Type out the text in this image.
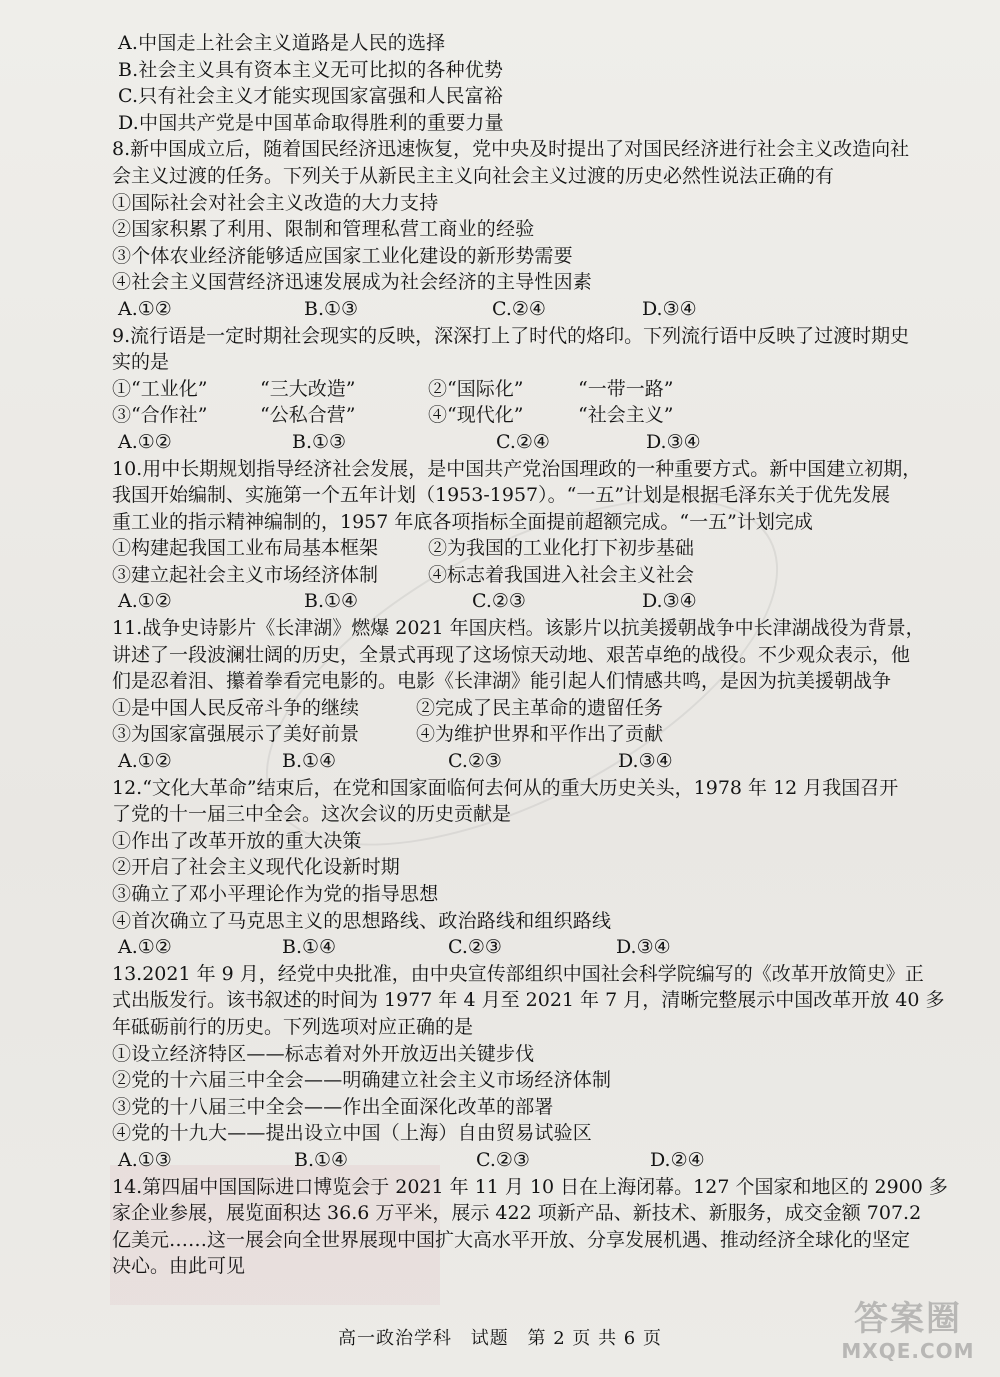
A.中国走上社会主义道路是人民的选择
B.社会主义具有资本主义无可比拟的各种优势
C.只有社会主义才能实现国家富强和人民富裕
D.中国共产党是中国革命取得胜利的重要力量
8.新中国成立后，随着国民经济迅速恢复，党中央及时提出了对国民经济进行社会主义改造向社
会主义过渡的任务。下列关于从新民主主义向社会主义过渡的历史必然性说法正确的有
①国际社会对社会主义改造的大力支持
②国家积累了利用、限制和管理私营工商业的经验
③个体农业经济能够适应国家工业化建设的新形势需要
④社会主义国营经济迅速发展成为社会经济的主导性因素
A.①②	B.①③	C.②④	D.③④
9.流行语是一定时期社会现实的反映，深深打上了时代的烙印。下列流行语中反映了过渡时期史
实的是
①“工业化”	“三大改造”	②“国际化”	“一带一路”
③“合作社”	“公私合营”	④“现代化”	“社会主义”
A.①②	B.①③	C.②④	D.③④
10.用中长期规划指导经济社会发展，是中国共产党治国理政的一种重要方式。新中国建立初期，
我国开始编制、实施第一个五年计划（1953-1957）。“一五”计划是根据毛泽东关于优先发展
重工业的指示精神编制的，1957 年底各项指标全面提前超额完成。“一五”计划完成
①构建起我国工业布局基本框架	②为我国的工业化打下初步基础
③建立起社会主义市场经济体制	④标志着我国进入社会主义社会
A.①②	B.①④	C.②③	D.③④
11.战争史诗影片《长津湖》燃爆 2021 年国庆档。该影片以抗美援朝战争中长津湖战役为背景，
讲述了一段波澜壮阔的历史，全景式再现了这场惊天动地、艰苦卓绝的战役。不少观众表示，他
们是忍着泪、攥着拳看完电影的。电影《长津湖》能引起人们情感共鸣，是因为抗美援朝战争
①是中国人民反帝斗争的继续	②完成了民主革命的遗留任务
③为国家富强展示了美好前景	④为维护世界和平作出了贡献
A.①②	B.①④	C.②③	D.③④
12.“文化大革命”结束后，在党和国家面临何去何从的重大历史关头，1978 年 12 月我国召开
了党的十一届三中全会。这次会议的历史贡献是
①作出了改革开放的重大决策
②开启了社会主义现代化设新时期
③确立了邓小平理论作为党的指导思想
④首次确立了马克思主义的思想路线、政治路线和组织路线
A.①②	B.①④	C.②③	D.③④
13.2021 年 9 月，经党中央批准，由中央宣传部组织中国社会科学院编写的《改革开放简史》正
式出版发行。该书叙述的时间为 1977 年 4 月至 2021 年 7 月，清晰完整展示中国改革开放 40 多
年砥砺前行的历史。下列选项对应正确的是
①设立经济特区——标志着对外开放迈出关键步伐
②党的十六届三中全会——明确建立社会主义市场经济体制
③党的十八届三中全会——作出全面深化改革的部署
④党的十九大——提出设立中国（上海）自由贸易试验区
A.①③	B.①④	C.②③	D.②④
14.第四届中国国际进口博览会于 2021 年 11 月 10 日在上海闭幕。127 个国家和地区的 2900 多
家企业参展，展览面积达 36.6 万平米，展示 422 项新产品、新技术、新服务，成交金额 707.2
亿美元……这一展会向全世界展现中国扩大高水平开放、分享发展机遇、推动经济全球化的坚定
决心。由此可见
高一政治学科 试题 第 2 页 共 6 页	答案圈
MXQE.COM
